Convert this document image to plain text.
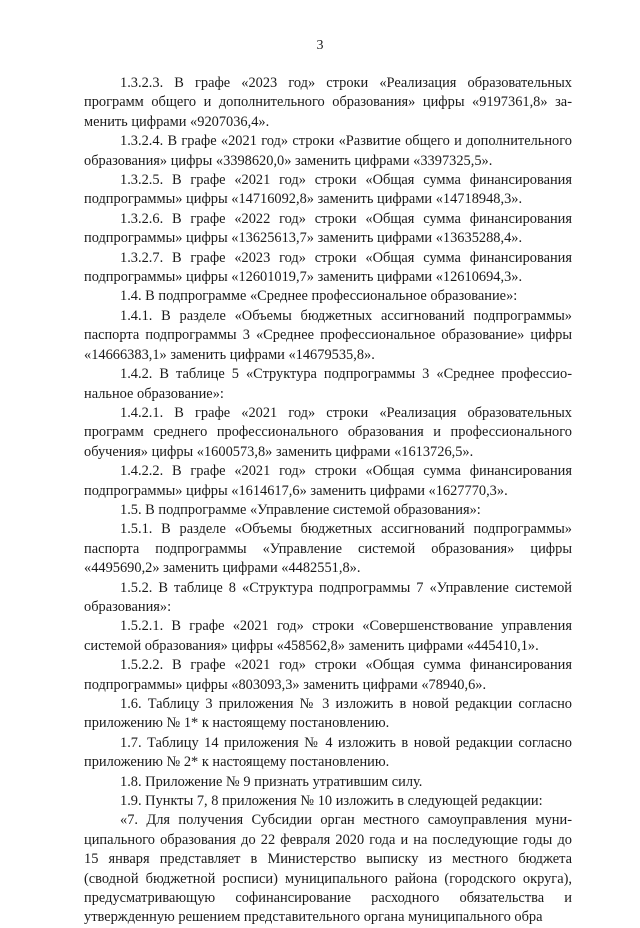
3

1.3.2.3. В графе «2023 год» строки «Реализация образовательных программ общего и дополнительного образования» цифры «9197361,8» заменить цифрами «9207036,4».

1.3.2.4. В графе «2021 год» строки «Развитие общего и дополнительного образования» цифры «3398620,0» заменить цифрами «3397325,5».

1.3.2.5. В графе «2021 год» строки «Общая сумма финансирования подпрограммы» цифры «14716092,8» заменить цифрами «14718948,3».

1.3.2.6. В графе «2022 год» строки «Общая сумма финансирования подпрограммы» цифры «13625613,7» заменить цифрами «13635288,4».

1.3.2.7. В графе «2023 год» строки «Общая сумма финансирования подпрограммы» цифры «12601019,7» заменить цифрами «12610694,3».

1.4. В подпрограмме «Среднее профессиональное образование»:

1.4.1. В разделе «Объемы бюджетных ассигнований подпрограммы» паспорта подпрограммы 3 «Среднее профессиональное образование» цифры «14666383,1» заменить цифрами «14679535,8».

1.4.2. В таблице 5 «Структура подпрограммы 3 «Среднее профессиональное образование»:

1.4.2.1. В графе «2021 год» строки «Реализация образовательных программ среднего профессионального образования и профессионального обучения» цифры «1600573,8» заменить цифрами «1613726,5».

1.4.2.2. В графе «2021 год» строки «Общая сумма финансирования подпрограммы» цифры «1614617,6» заменить цифрами «1627770,3».

1.5. В подпрограмме «Управление системой образования»:

1.5.1. В разделе «Объемы бюджетных ассигнований подпрограммы» паспорта подпрограммы «Управление системой образования» цифры «4495690,2» заменить цифрами «4482551,8».

1.5.2. В таблице 8 «Структура подпрограммы 7 «Управление системой образования»:

1.5.2.1. В графе «2021 год» строки «Совершенствование управления системой образования» цифры «458562,8» заменить цифрами «445410,1».

1.5.2.2. В графе «2021 год» строки «Общая сумма финансирования подпрограммы» цифры «803093,3» заменить цифрами «78940,6».

1.6. Таблицу 3 приложения № 3 изложить в новой редакции согласно приложению № 1* к настоящему постановлению.

1.7. Таблицу 14 приложения № 4 изложить в новой редакции согласно приложению № 2* к настоящему постановлению.

1.8. Приложение № 9 признать утратившим силу.

1.9. Пункты 7, 8 приложения № 10 изложить в следующей редакции:

«7. Для получения Субсидии орган местного самоуправления муниципального образования до 22 февраля 2020 года и на последующие годы до 15 января представляет в Министерство выписку из местного бюджета (сводной бюджетной росписи) муниципального района (городского округа), предусматривающую софинансирование расходного обязательства и утвержденную решением представительного органа муниципального обра
